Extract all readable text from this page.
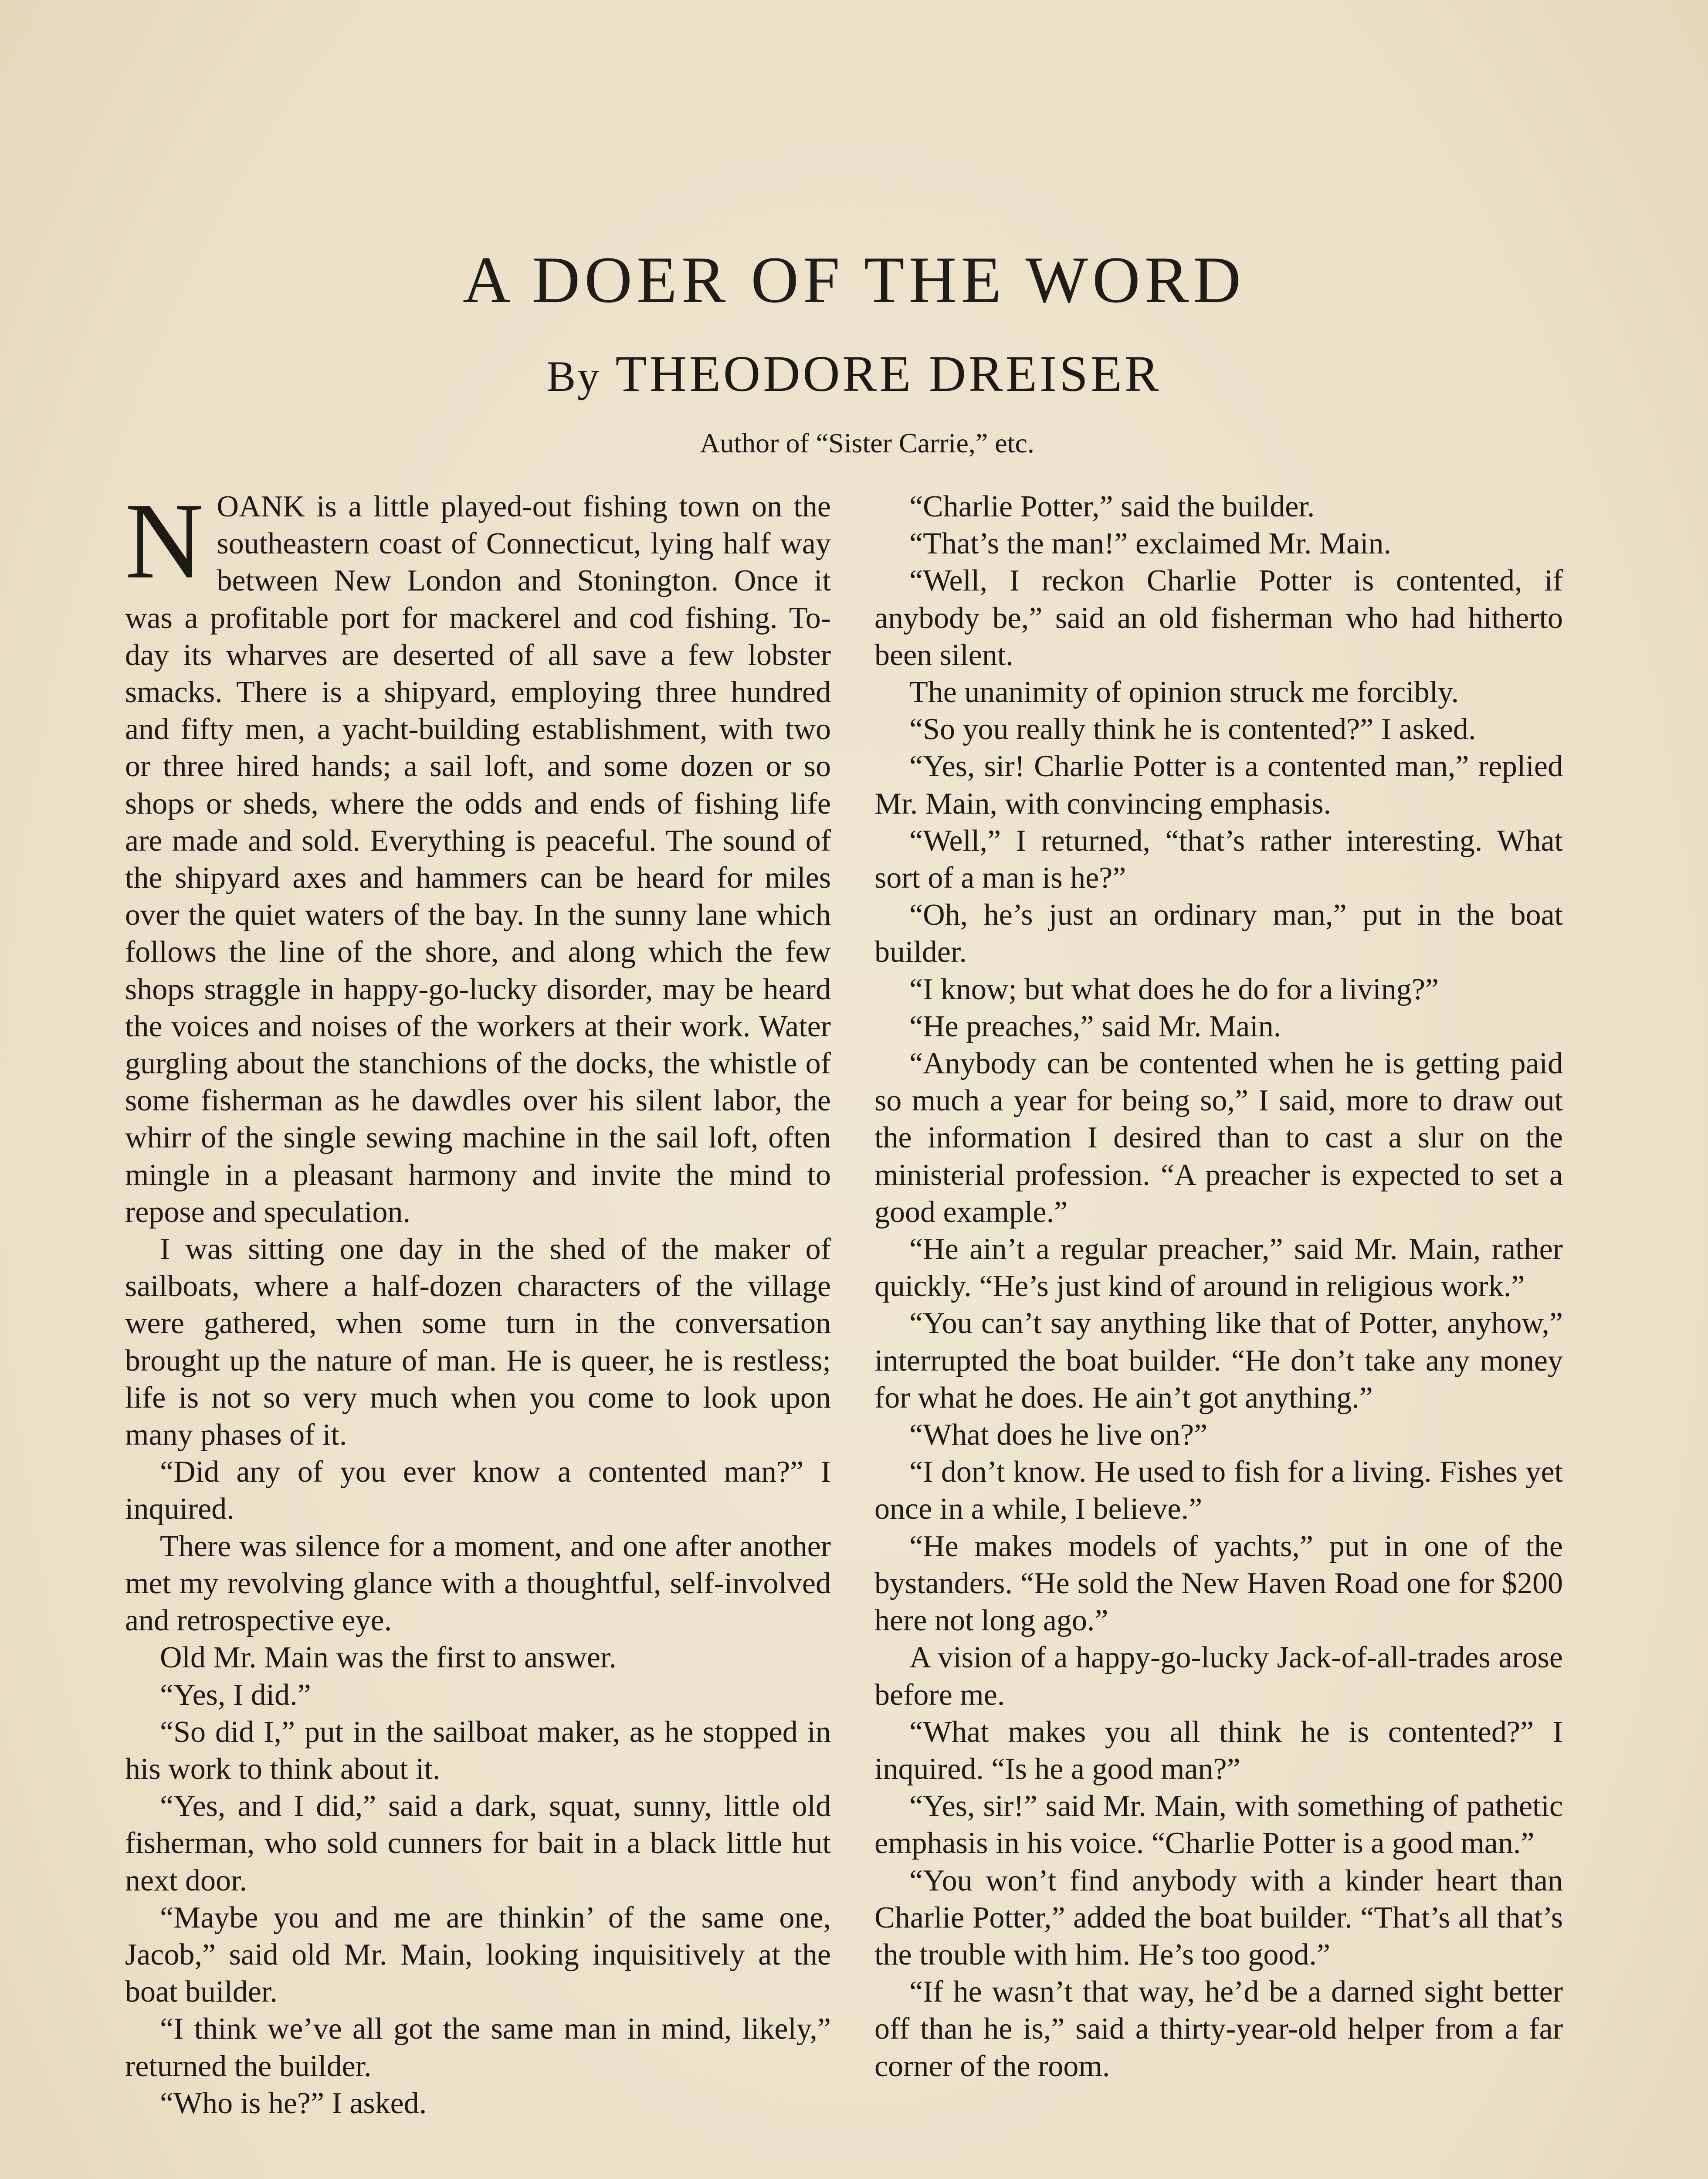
A DOER OF THE WORD
By THEODORE DREISER
Author of “Sister Carrie,” etc.

NOANK is a little played-out fishing town on the southeastern coast of Connecticut, lying half way between New London and Stonington. Once it was a profitable port for mackerel and cod fishing. To-day its wharves are deserted of all save a few lobster smacks. There is a shipyard, employing three hundred and fifty men, a yacht-building establishment, with two or three hired hands; a sail loft, and some dozen or so shops or sheds, where the odds and ends of fishing life are made and sold. Everything is peaceful. The sound of the shipyard axes and hammers can be heard for miles over the quiet waters of the bay. In the sunny lane which follows the line of the shore, and along which the few shops straggle in happy-go-lucky disorder, may be heard the voices and noises of the workers at their work. Water gurgling about the stanchions of the docks, the whistle of some fisherman as he dawdles over his silent labor, the whirr of the single sewing machine in the sail loft, often mingle in a pleasant harmony and invite the mind to repose and speculation.

I was sitting one day in the shed of the maker of sailboats, where a half-dozen characters of the village were gathered, when some turn in the conversation brought up the nature of man. He is queer, he is restless; life is not so very much when you come to look upon many phases of it.

“Did any of you ever know a contented man?” I inquired.

There was silence for a moment, and one after another met my revolving glance with a thoughtful, self-involved and retrospective eye.

Old Mr. Main was the first to answer.

“Yes, I did.”

“So did I,” put in the sailboat maker, as he stopped in his work to think about it.

“Yes, and I did,” said a dark, squat, sunny, little old fisherman, who sold cunners for bait in a black little hut next door.

“Maybe you and me are thinkin’ of the same one, Jacob,” said old Mr. Main, looking inquisitively at the boat builder.

“I think we’ve all got the same man in mind, likely,” returned the builder.

“Who is he?” I asked.

“Charlie Potter,” said the builder.

“That’s the man!” exclaimed Mr. Main.

“Well, I reckon Charlie Potter is contented, if anybody be,” said an old fisherman who had hitherto been silent.

The unanimity of opinion struck me forcibly.

“So you really think he is contented?” I asked.

“Yes, sir! Charlie Potter is a contented man,” replied Mr. Main, with convincing emphasis.

“Well,” I returned, “that’s rather interesting. What sort of a man is he?”

“Oh, he’s just an ordinary man,” put in the boat builder.

“I know; but what does he do for a living?”

“He preaches,” said Mr. Main.

“Anybody can be contented when he is getting paid so much a year for being so,” I said, more to draw out the information I desired than to cast a slur on the ministerial profession. “A preacher is expected to set a good example.”

“He ain’t a regular preacher,” said Mr. Main, rather quickly. “He’s just kind of around in religious work.”

“You can’t say anything like that of Potter, anyhow,” interrupted the boat builder. “He don’t take any money for what he does. He ain’t got anything.”

“What does he live on?”

“I don’t know. He used to fish for a living. Fishes yet once in a while, I believe.”

“He makes models of yachts,” put in one of the bystanders. “He sold the New Haven Road one for $200 here not long ago.”

A vision of a happy-go-lucky Jack-of-all-trades arose before me.

“What makes you all think he is contented?” I inquired. “Is he a good man?”

“Yes, sir!” said Mr. Main, with something of pathetic emphasis in his voice. “Charlie Potter is a good man.”

“You won’t find anybody with a kinder heart than Charlie Potter,” added the boat builder. “That’s all that’s the trouble with him. He’s too good.”

“If he wasn’t that way, he’d be a darned sight better off than he is,” said a thirty-year-old helper from a far corner of the room.
